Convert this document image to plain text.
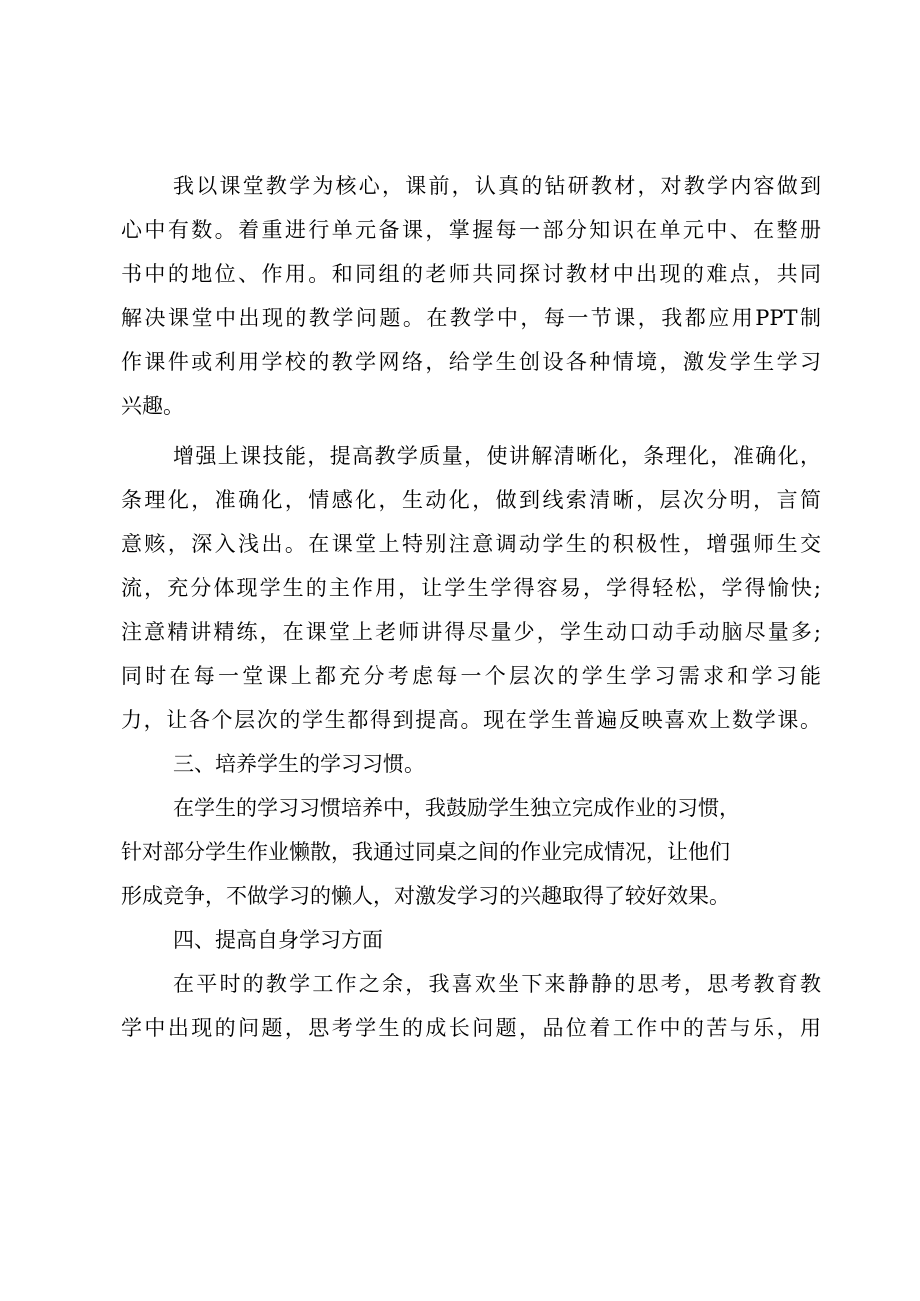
我以课堂教学为核心，课前，认真的钻研教材，对教学内容做到
心中有数。着重进行单元备课，掌握每一部分知识在单元中、在整册
书中的地位、作用。和同组的老师共同探讨教材中出现的难点，共同
解决课堂中出现的教学问题。在教学中，每一节课，我都应用PPT制
作课件或利用学校的教学网络，给学生创设各种情境，激发学生学习
兴趣。
增强上课技能，提高教学质量，使讲解清晰化，条理化，准确化，
条理化，准确化，情感化，生动化，做到线索清晰，层次分明，言简
意赅，深入浅出。在课堂上特别注意调动学生的积极性，增强师生交
流，充分体现学生的主作用，让学生学得容易，学得轻松，学得愉快;
注意精讲精练，在课堂上老师讲得尽量少，学生动口动手动脑尽量多;
同时在每一堂课上都充分考虑每一个层次的学生学习需求和学习能
力，让各个层次的学生都得到提高。现在学生普遍反映喜欢上数学课。
三、培养学生的学习习惯。
在学生的学习习惯培养中，我鼓励学生独立完成作业的习惯，
针对部分学生作业懒散，我通过同桌之间的作业完成情况，让他们
形成竞争，不做学习的懒人，对激发学习的兴趣取得了较好效果。
四、提高自身学习方面
在平时的教学工作之余，我喜欢坐下来静静的思考，思考教育教
学中出现的问题，思考学生的成长问题，品位着工作中的苦与乐，用
